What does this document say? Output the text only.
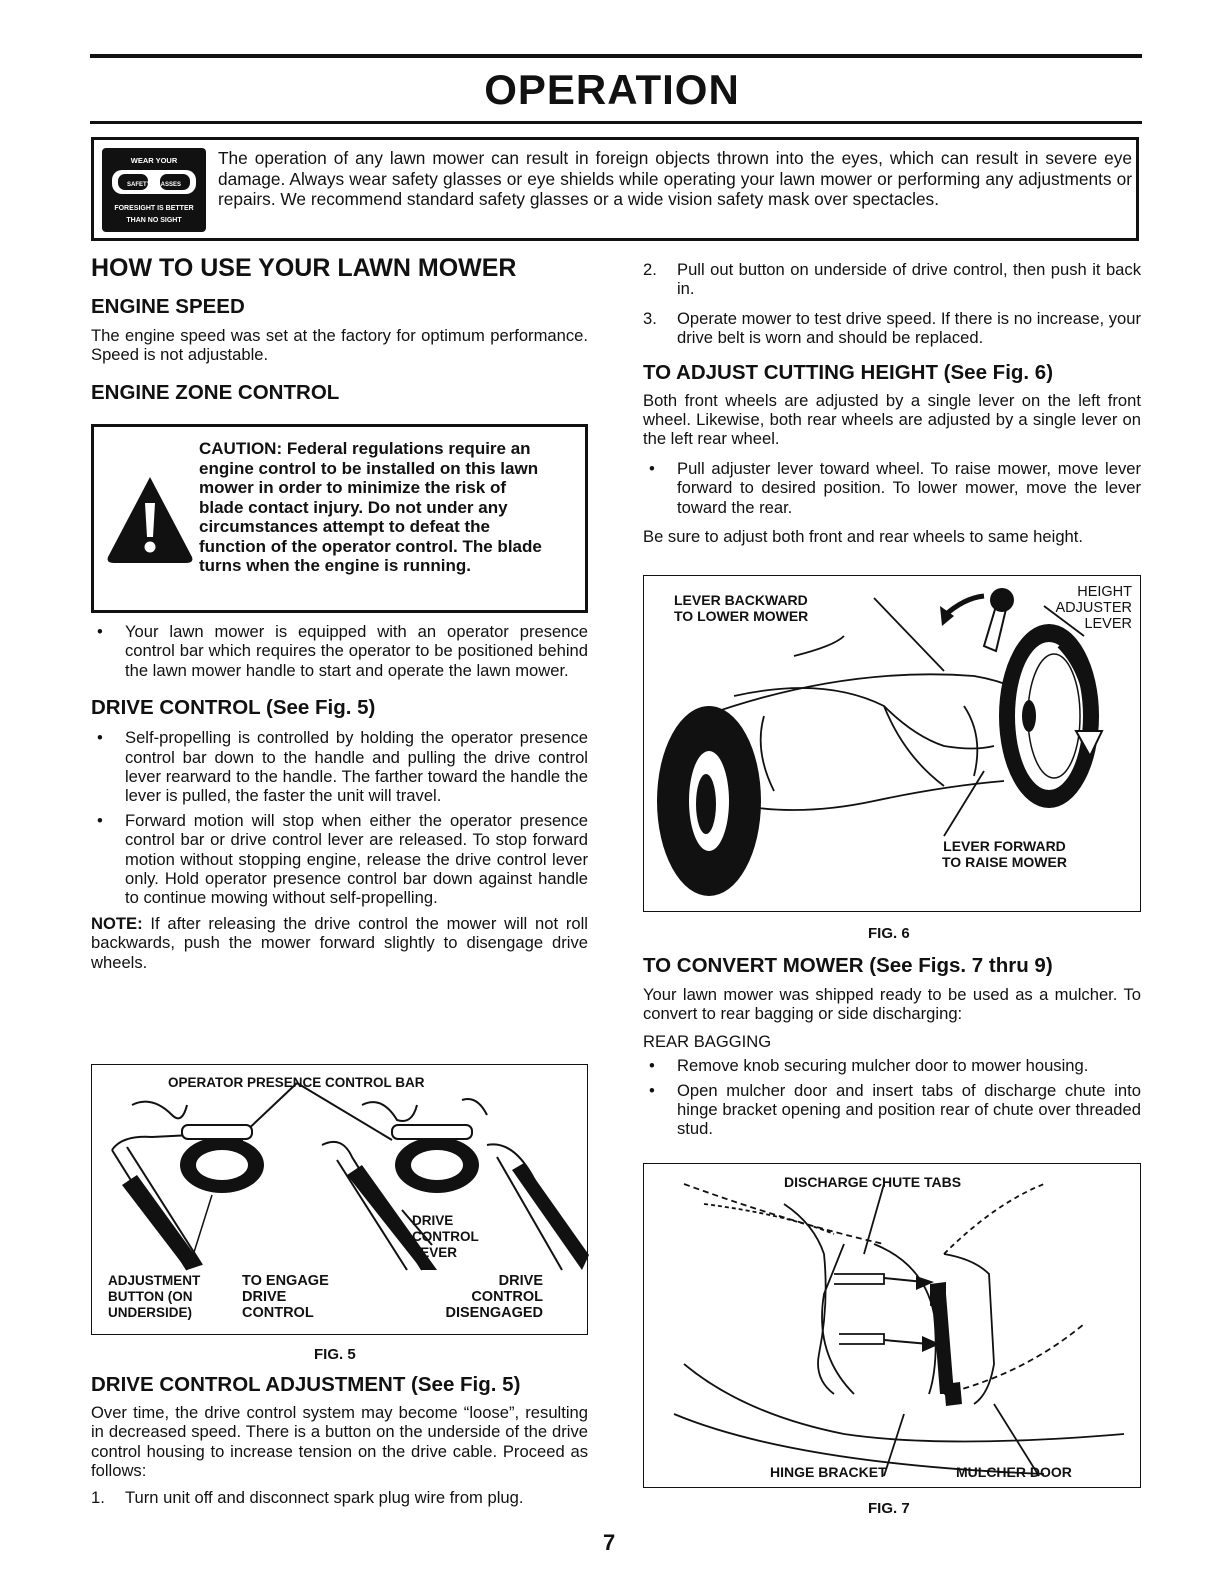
OPERATION
WEAR YOUR
SAFETY GLASSES
FORESIGHT IS BETTER
THAN NO SIGHT
The operation of any lawn mower can result in foreign objects thrown into the eyes, which can result in severe eye damage. Always wear safety glasses or eye shields while operating your lawn mower or performing any adjustments or repairs. We recommend standard safety glasses or a wide vision safety mask over spectacles.
HOW TO USE YOUR LAWN MOWER
ENGINE SPEED
The engine speed was set at the factory for optimum performance. Speed is not adjustable.
ENGINE ZONE CONTROL
CAUTION: Federal regulations require an engine control to be installed on this lawn mower in order to minimize the risk of blade contact injury. Do not under any circumstances attempt to defeat the function of the operator control. The blade turns when the engine is running.
• Your lawn mower is equipped with an operator presence control bar which requires the operator to be positioned behind the lawn mower handle to start and operate the lawn mower.
DRIVE CONTROL (See Fig. 5)
• Self-propelling is controlled by holding the operator presence control bar down to the handle and pulling the drive control lever rearward to the handle. The farther toward the handle the lever is pulled, the faster the unit will travel.
• Forward motion will stop when either the operator presence control bar or drive control lever are released. To stop forward motion without stopping engine, release the drive control lever only. Hold operator presence control bar down against handle to continue mowing without self-propelling.
NOTE: If after releasing the drive control the mower will not roll backwards, push the mower forward slightly to disengage drive wheels.
OPERATOR PRESENCE CONTROL BAR
DRIVE
CONTROL
LEVER
ADJUSTMENT
BUTTON (ON
UNDERSIDE)
TO ENGAGE
DRIVE
CONTROL
DRIVE
CONTROL
DISENGAGED
FIG. 5
DRIVE CONTROL ADJUSTMENT (See Fig. 5)
Over time, the drive control system may become “loose”, resulting in decreased speed. There is a button on the underside of the drive control housing to increase tension on the drive cable. Proceed as follows:
1. Turn unit off and disconnect spark plug wire from plug.
7
2. Pull out button on underside of drive control, then push it back in.
3. Operate mower to test drive speed. If there is no increase, your drive belt is worn and should be replaced.
TO ADJUST CUTTING HEIGHT (See Fig. 6)
Both front wheels are adjusted by a single lever on the left front wheel. Likewise, both rear wheels are adjusted by a single lever on the left rear wheel.
• Pull adjuster lever toward wheel. To raise mower, move lever forward to desired position. To lower mower, move the lever toward the rear.
Be sure to adjust both front and rear wheels to same height.
LEVER BACKWARD
TO LOWER MOWER
HEIGHT
ADJUSTER
LEVER
LEVER FORWARD
TO RAISE MOWER
FIG. 6
TO CONVERT MOWER (See Figs. 7 thru 9)
Your lawn mower was shipped ready to be used as a mulcher. To convert to rear bagging or side discharging:
REAR BAGGING
• Remove knob securing mulcher door to mower housing.
• Open mulcher door and insert tabs of discharge chute into hinge bracket opening and position rear of chute over threaded stud.
DISCHARGE CHUTE TABS
HINGE BRACKET	MULCHER DOOR
FIG. 7
